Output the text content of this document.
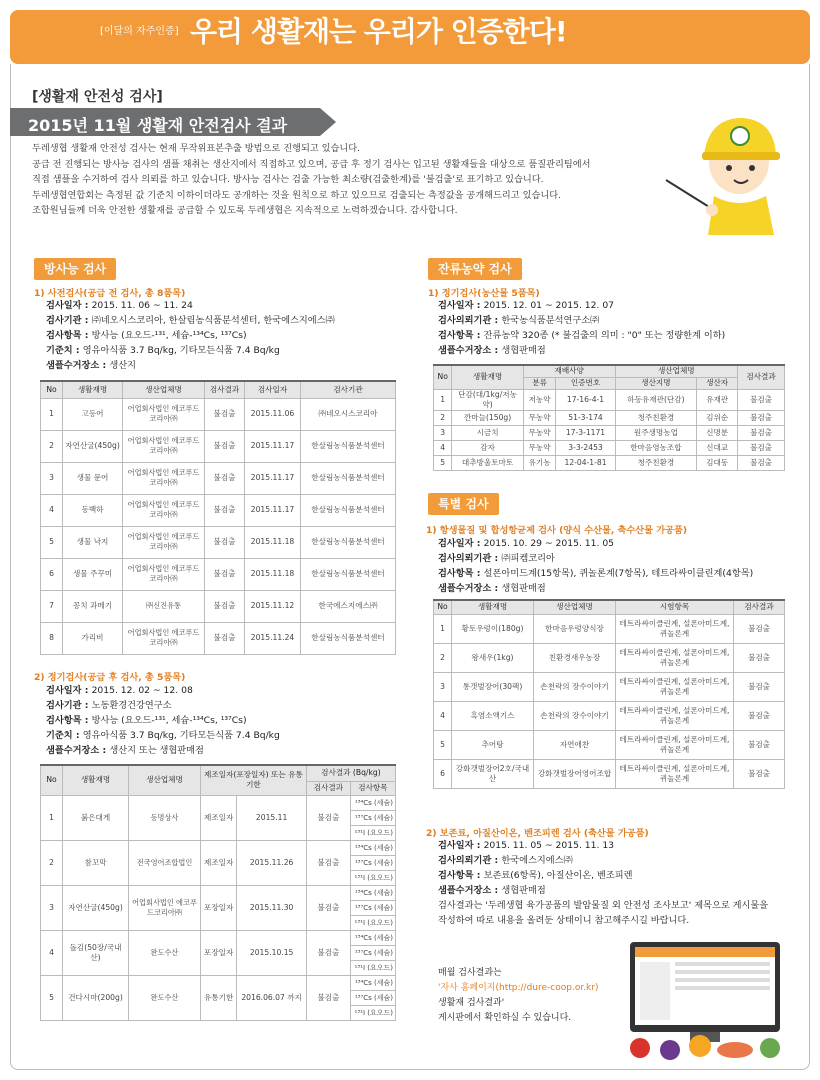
[이달의 자주인증] 우리 생활재는 우리가 인증한다!
[생활재 안전성 검사]
2015년 11월 생활재 안전검사 결과

두레생협 생활재 안전성 검사는 현재 무작위표본추출 방법으로 진행되고 있습니다.

공급 전 진행되는 방사능 검사의 샘플 채취는 생산지에서 직접하고 있으며, 공급 후 정기 검사는 입고된 생활재들을 대상으로 품질관리팀에서

직접 샘플을 수거하여 검사 의뢰를 하고 있습니다. 방사능 검사는 검출 가능한 최소량(검출한계)를 '불검출'로 표기하고 있습니다.

두레생협연합회는 측정된 값 기준치 이하이더라도 공개하는 것을 원칙으로 하고 있으므로 검출되는 측정값을 공개해드리고 있습니다.

조합원님들께 더욱 안전한 생활재를 공급할 수 있도록 두레생협은 지속적으로 노력하겠습니다. 감사합니다.

방사능 검사
1) 사전검사(공급 전 검사, 총 8품목)
검사일자 : 2015. 11. 06 ~ 11. 24
검사기관 : ㈜네오시스코리아, 한살림농식품분석센터, 한국에스지에스㈜
검사항목 : 방사능 (요오드-¹³¹, 세슘-¹³⁴Cs, ¹³⁷Cs)
기준치 : 영유아식품 3.7 Bq/kg, 기타모든식품 7.4 Bq/kg
샘플수거장소 : 생산지
No	생활재명	생산업체명	검사결과	검사일자	검사기관
1	고등어	어업회사법인 에코푸드코리아㈜	불검출	2015.11.06	㈜네오시스코리아
2	자연산굴(450g)	어업회사법인 에코푸드코리아㈜	불검출	2015.11.17	한살림농식품분석센터
3	생물 문어	어업회사법인 에코푸드코리아㈜	불검출	2015.11.17	한살림농식품분석센터
4	동백하	어업회사법인 에코푸드코리아㈜	불검출	2015.11.17	한살림농식품분석센터
5	생물 낙지	어업회사법인 에코푸드코리아㈜	불검출	2015.11.18	한살림농식품분석센터
6	생물 주꾸미	어업회사법인 에코푸드코리아㈜	불검출	2015.11.18	한살림농식품분석센터
7	꽁치 과메기	㈜신진유통	불검출	2015.11.12	한국에스지에스㈜
8	가리비	어업회사법인 에코푸드코리아㈜	불검출	2015.11.24	한살림농식품분석센터
2) 정기검사(공급 후 검사, 총 5품목)
검사일자 : 2015. 12. 02 ~ 12. 08
검사기관 : 노동환경건강연구소
검사항목 : 방사능 (요오드-¹³¹, 세슘-¹³⁴Cs, ¹³⁷Cs)
기준치 : 영유아식품 3.7 Bq/kg, 기타모든식품 7.4 Bq/kg
샘플수거장소 : 생산지 또는 생협판매점
No	생활재명	생산업체명	제조일자(포장일자) 또는 유통기한		검사결과 (Bq/kg)	
					검사결과	검사항목
1	붉은대게	동명상사	제조일자	2015.11	불검출	¹³⁴Cs (세슘)
						¹³⁷Cs (세슘)
						¹³¹I (요오드)
2	참꼬막	전국영어조합법인	제조일자	2015.11.26	불검출	¹³⁴Cs (세슘)
						¹³⁷Cs (세슘)
						¹³¹I (요오드)
3	자연산굴(450g)	어업회사법인 에코푸드코리아㈜	포장일자	2015.11.30	불검출	¹³⁴Cs (세슘)
						¹³⁷Cs (세슘)
						¹³¹I (요오드)
4	돌김(50장/국내산)	완도수산	포장일자	2015.10.15	불검출	¹³⁴Cs (세슘)
						¹³⁷Cs (세슘)
						¹³¹I (요오드)
5	건다시마(200g)	완도수산	유통기한	2016.06.07 까지	불검출	¹³⁴Cs (세슘)
						¹³⁷Cs (세슘)
						¹³¹I (요오드)
잔류농약 검사
1) 정기검사(농산물 5품목)
검사일자 : 2015. 12. 01 ~ 2015. 12. 07
검사의뢰기관 : 한국농식품분석연구소㈜
검사항목 : 잔류농약 320종 (* 불검출의 의미 : "0" 또는 정량한계 이하)
샘플수거장소 : 생협판매점
No	생활재명	재배사양		생산업체명		검사결과
		분류	인증번호	생산지명	생산자	
1	단감(대/1kg/저농약)	저농약	17-16-4-1	하동유재관(단감)	유재관	불검출
2	깐마늘(150g)	무농약	51-3-174	청주친환경	김위순	불검출
3	시금치	무농약	17-3-1171	원주생명농업	신명분	불검출
4	감자	무농약	3-3-2453	한마음영농조합	신대교	불검출
5	대추방울토마토	유기농	12-04-1-81	청주친환경	김대동	불검출
특별 검사
1) 항생물질 및 합성항균제 검사 (양식 수산물, 축수산물 가공품)
검사일자 : 2015. 10. 29 ~ 2015. 11. 05
검사의뢰기관 : ㈜피켐코리아
검사항목 : 설폰아미드계(15항목), 퀴놀론계(7항목), 테트라싸이클린계(4항목)
샘플수거장소 : 생협판매점
No	생활재명	생산업체명	시험항목	검사결과
1	황토우렁이(180g)	한마음우렁양식장	테트라싸이클린계, 설폰아미드계, 퀴놀론계	불검출
2	왕새우(1kg)	친환경새우농장	테트라싸이클린계, 설폰아미드계, 퀴놀론계	불검출
3	통갯벌장어(30팩)	손천락의 장수이야기	테트라싸이클린계, 설폰아미드계, 퀴놀론계	불검출
4	흑염소액기스	손천락의 장수이야기	테트라싸이클린계, 설폰아미드계, 퀴놀론계	불검출
5	추어탕	자연애찬	테트라싸이클린계, 설폰아미드계, 퀴놀론계	불검출
6	강화갯벌장어2호/국내산	강화갯벌장어영어조합	테트라싸이클린계, 설폰아미드계, 퀴놀론계	불검출
2) 보존료, 아질산이온, 벤조피렌 검사 (축산물 가공품)
검사일자 : 2015. 11. 05 ~ 2015. 11. 13
검사의뢰기관 : 한국에스지에스㈜
검사항목 : 보존료(6항목), 아질산이온, 벤조피렌
샘플수거장소 : 생협판매점
검사결과는 '두레생협 육가공품의 발암물질 외 안전성 조사보고' 제목으로 게시물을
작성하여 따로 내용을 올려둔 상태이니 참고해주시길 바랍니다.
매월 검사결과는
'자사 홈페이지(http://dure-coop.or.kr)
생활재 검사결과'
게시판에서 확인하실 수 있습니다.
